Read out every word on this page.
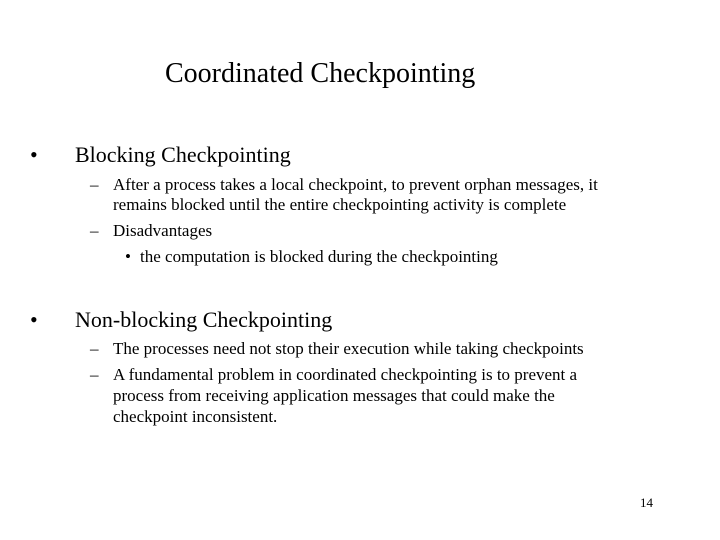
Coordinated Checkpointing
• Blocking Checkpointing
– After a process takes a local checkpoint, to prevent orphan messages, it
remains blocked until the entire checkpointing activity is complete
– Disadvantages
• the computation is blocked during the checkpointing
• Non-blocking Checkpointing
– The processes need not stop their execution while taking checkpoints
– A fundamental problem in coordinated checkpointing is to prevent a
process from receiving application messages that could make the
checkpoint inconsistent.
14
